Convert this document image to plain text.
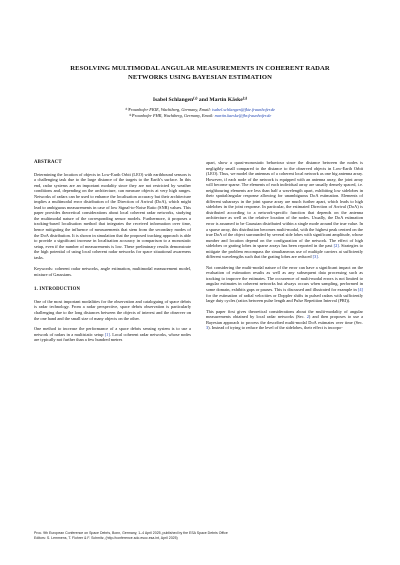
RESOLVING MULTIMODAL ANGULAR MEASUREMENTS IN COHERENT RADAR
NETWORKS USING BAYESIAN ESTIMATION
Isabel Schlangen⁽¹⁾ and Martin Käske⁽²⁾
⁽¹⁾Fraunhofer FKIE, Wachtberg, Germany, Email: isabel.schlangen@fkie.fraunhofer.de
⁽²⁾Fraunhofer FHR, Wachtberg, Germany, Email: martin.kaeske@fhr.fraunhofer.de

ABSTRACT

Determining the location of objects in Low-Earth Orbit (LEO) with earthbound sensors is a challenging task due to the large distance of the targets to the Earth’s surface. In this end, radar systems are an important modality since they are not restricted by weather conditions and, depending on the architecture, can measure objects at very high ranges. Networks of radars can be used to enhance the localisation accuracy but their architecture implies a multimodal error distribution of the Direction of Arrival (DoA), which might lead to ambiguous measurements in case of low Signal-to-Noise Ratio (SNR) values. This paper provides theoretical considerations about local coherent radar networks, studying the multimodal nature of the corresponding sensor models. Furthermore, it proposes a tracking-based localisation method that integrates the received information over time, hence mitigating the influence of measurements that stem from the secondary modes of the DoA distribution. It is shown in simulation that the proposed tracking approach is able to provide a significant increase in localisation accuracy in comparison to a monostatic setup, even if the number of measurements is low. These preliminary results demonstrate the high potential of using local coherent radar networks for space situational awareness tasks.

Keywords: coherent radar networks, angle estimation, multimodal measurement model, mixture of Gaussians.

1. INTRODUCTION

One of the most important modalities for the observation and cataloguing of space debris is radar technology. From a radar perspective, space debris observation is particularly challenging due to the long distances between the objects of interest and the observer on the one hand and the small size of many objects on the other.

One method to increase the performance of a space debris sensing system is to use a network of radars in a multistatic setup [1]. Local coherent radar networks, whose nodes are typically not further than a few hundred metres

apart, show a quasi-monostatic behaviour since the distance between the nodes is negligibly small compared to the distance to the observed objects in Low-Earth Orbit (LEO). Thus, we model the antennas of a coherent local network as one big antenna array. However, if each node of the network is equipped with an antenna array, the joint array will become sparse. The elements of each individual array are usually densely spaced, i.e. neighbouring elements are less than half a wavelength apart, exhibiting low sidelobes in their spatial/angular response allowing for unambiguous DoA estimation. Elements of different subarrays in the joint sparse array are much further apart, which leads to high sidelobes in the joint response. In particular, the estimated Direction of Arrival (DoA) is distributed according to a network-specific function that depends on the antenna architecture as well as the relative location of the nodes. Usually, the DoA estimation error is assumed to be Gaussian distributed within a single mode around the true value. In a sparse array, this distribution becomes multi-modal, with the highest peak centred on the true DoA of the object surrounded by several side lobes with significant amplitude, whose number and location depend on the configuration of the network. The effect of high sidelobes or grating lobes in sparse arrays has been reported in the past [2]. Strategies to mitigate the problem encompass the simultaneous use of multiple carriers at sufficiently different wavelengths such that the grating lobes are reduced [3].

Not considering the multi-modal nature of the error can have a significant impact on the evaluation of estimation results as well as any subsequent data processing such as tracking to improve the estimates. The occurrence of multi-modal errors is not limited to angular estimates in coherent networks but always occurs when sampling, performed in some domain, exhibits gaps or pauses. This is discussed and illustrated for example in [4] for the estimation of radial velocities or Doppler shifts in pulsed radars with sufficiently large duty cycles (ratios between pulse length and Pulse Repetition Interval (PRI)).

This paper first gives theoretical considerations about the multi-modality of angular measurements obtained by local radar networks (Sec. 2) and then proposes to use a Bayesian approach to process the described multi-modal DoA estimates over time (Sec. 3). Instead of trying to reduce the level of the sidelobes, their effect is incorpo-

Proc. 9th European Conference on Space Debris, Bonn, Germany, 1–4 April 2025, published by the ESA Space Debris Office
Editors: S. Lemmens, T. Flohrer & F. Schmitz, (http://conference.sdo.esoc.esa.int, April 2025)
